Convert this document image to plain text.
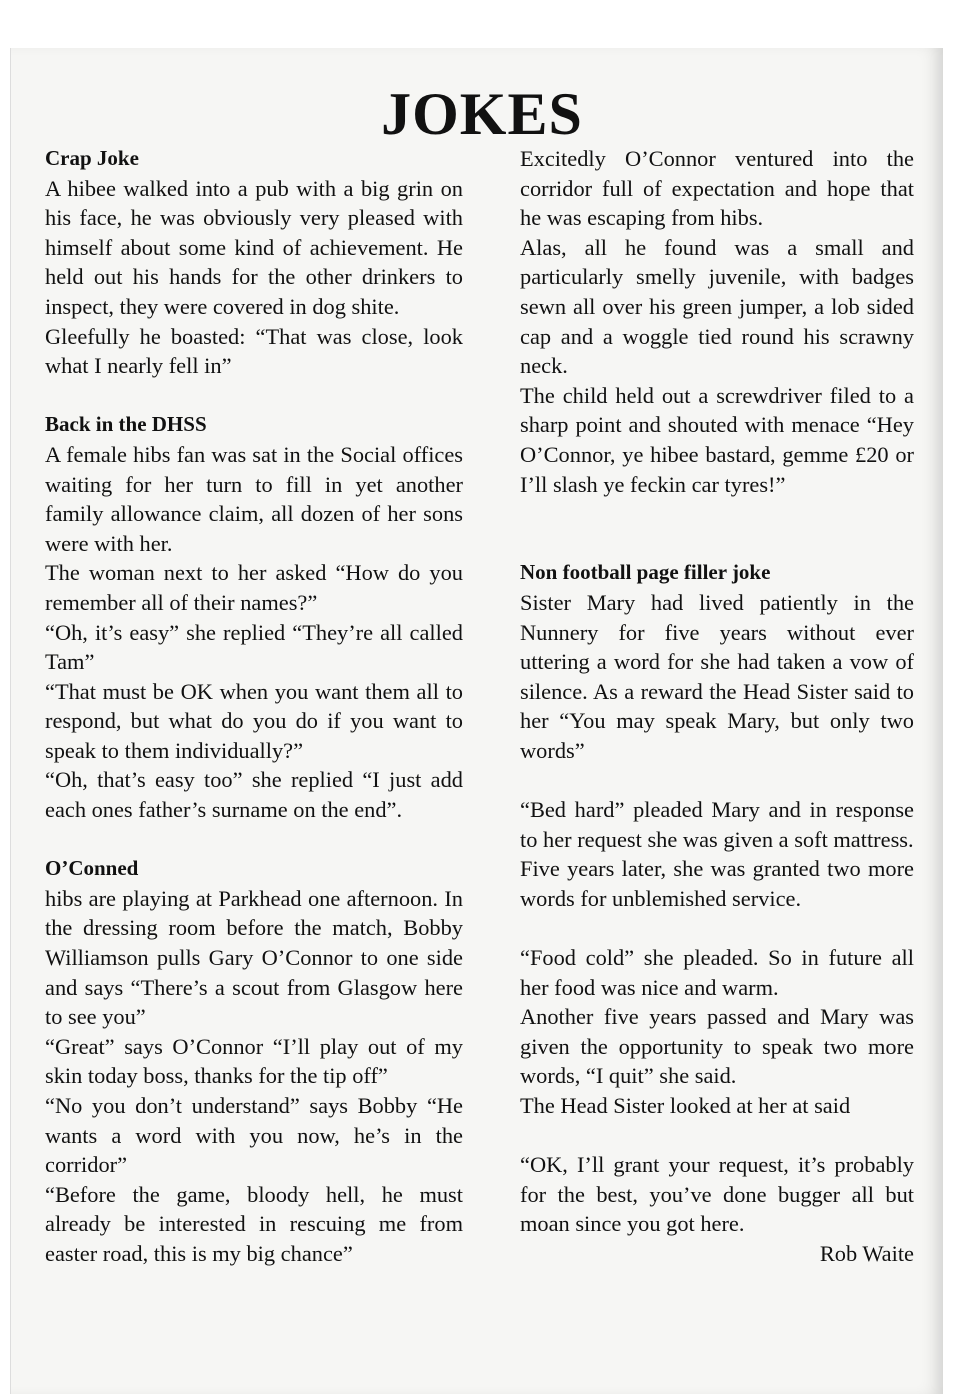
JOKES
Crap Joke

A hibee walked into a pub with a big grin on his face, he was obviously very pleased with himself about some kind of achievement. He held out his hands for the other drinkers to inspect, they were covered in dog shite.

Gleefully he boasted: “That was close, look what I nearly fell in”

Back in the DHSS

A female hibs fan was sat in the Social offices waiting for her turn to fill in yet another family allowance claim, all dozen of her sons were with her.

The woman next to her asked “How do you remember all of their names?”

“Oh, it’s easy” she replied “They’re all called Tam”

“That must be OK when you want them all to respond, but what do you do if you want to speak to them individually?”

“Oh, that’s easy too” she replied “I just add each ones father’s surname on the end”.

O’Conned

hibs are playing at Parkhead one afternoon. In the dressing room before the match, Bobby Williamson pulls Gary O’Connor to one side and says “There’s a scout from Glasgow here to see you”

“Great” says O’Connor “I’ll play out of my skin today boss, thanks for the tip off”

“No you don’t understand” says Bobby “He wants a word with you now, he’s in the corridor”

“Before the game, bloody hell, he must already be interested in rescuing me from easter road, this is my big chance”

Excitedly O’Connor ventured into the corridor full of expectation and hope that he was escaping from hibs.

Alas, all he found was a small and particularly smelly juvenile, with badges sewn all over his green jumper, a lob sided cap and a woggle tied round his scrawny neck.

The child held out a screwdriver filed to a sharp point and shouted with menace “Hey O’Connor, ye hibee bastard, gemme £20 or I’ll slash ye feckin car tyres!”

Non football page filler joke

Sister Mary had lived patiently in the Nunnery for five years without ever uttering a word for she had taken a vow of silence. As a reward the Head Sister said to her “You may speak Mary, but only two words”

“Bed hard” pleaded Mary and in response to her request she was given a soft mattress.

Five years later, she was granted two more words for unblemished service.

“Food cold” she pleaded. So in future all her food was nice and warm.

Another five years passed and Mary was given the opportunity to speak two more words, “I quit” she said.

The Head Sister looked at her at said

“OK, I’ll grant your request, it’s probably for the best, you’ve done bugger all but moan since you got here.

Rob Waite
